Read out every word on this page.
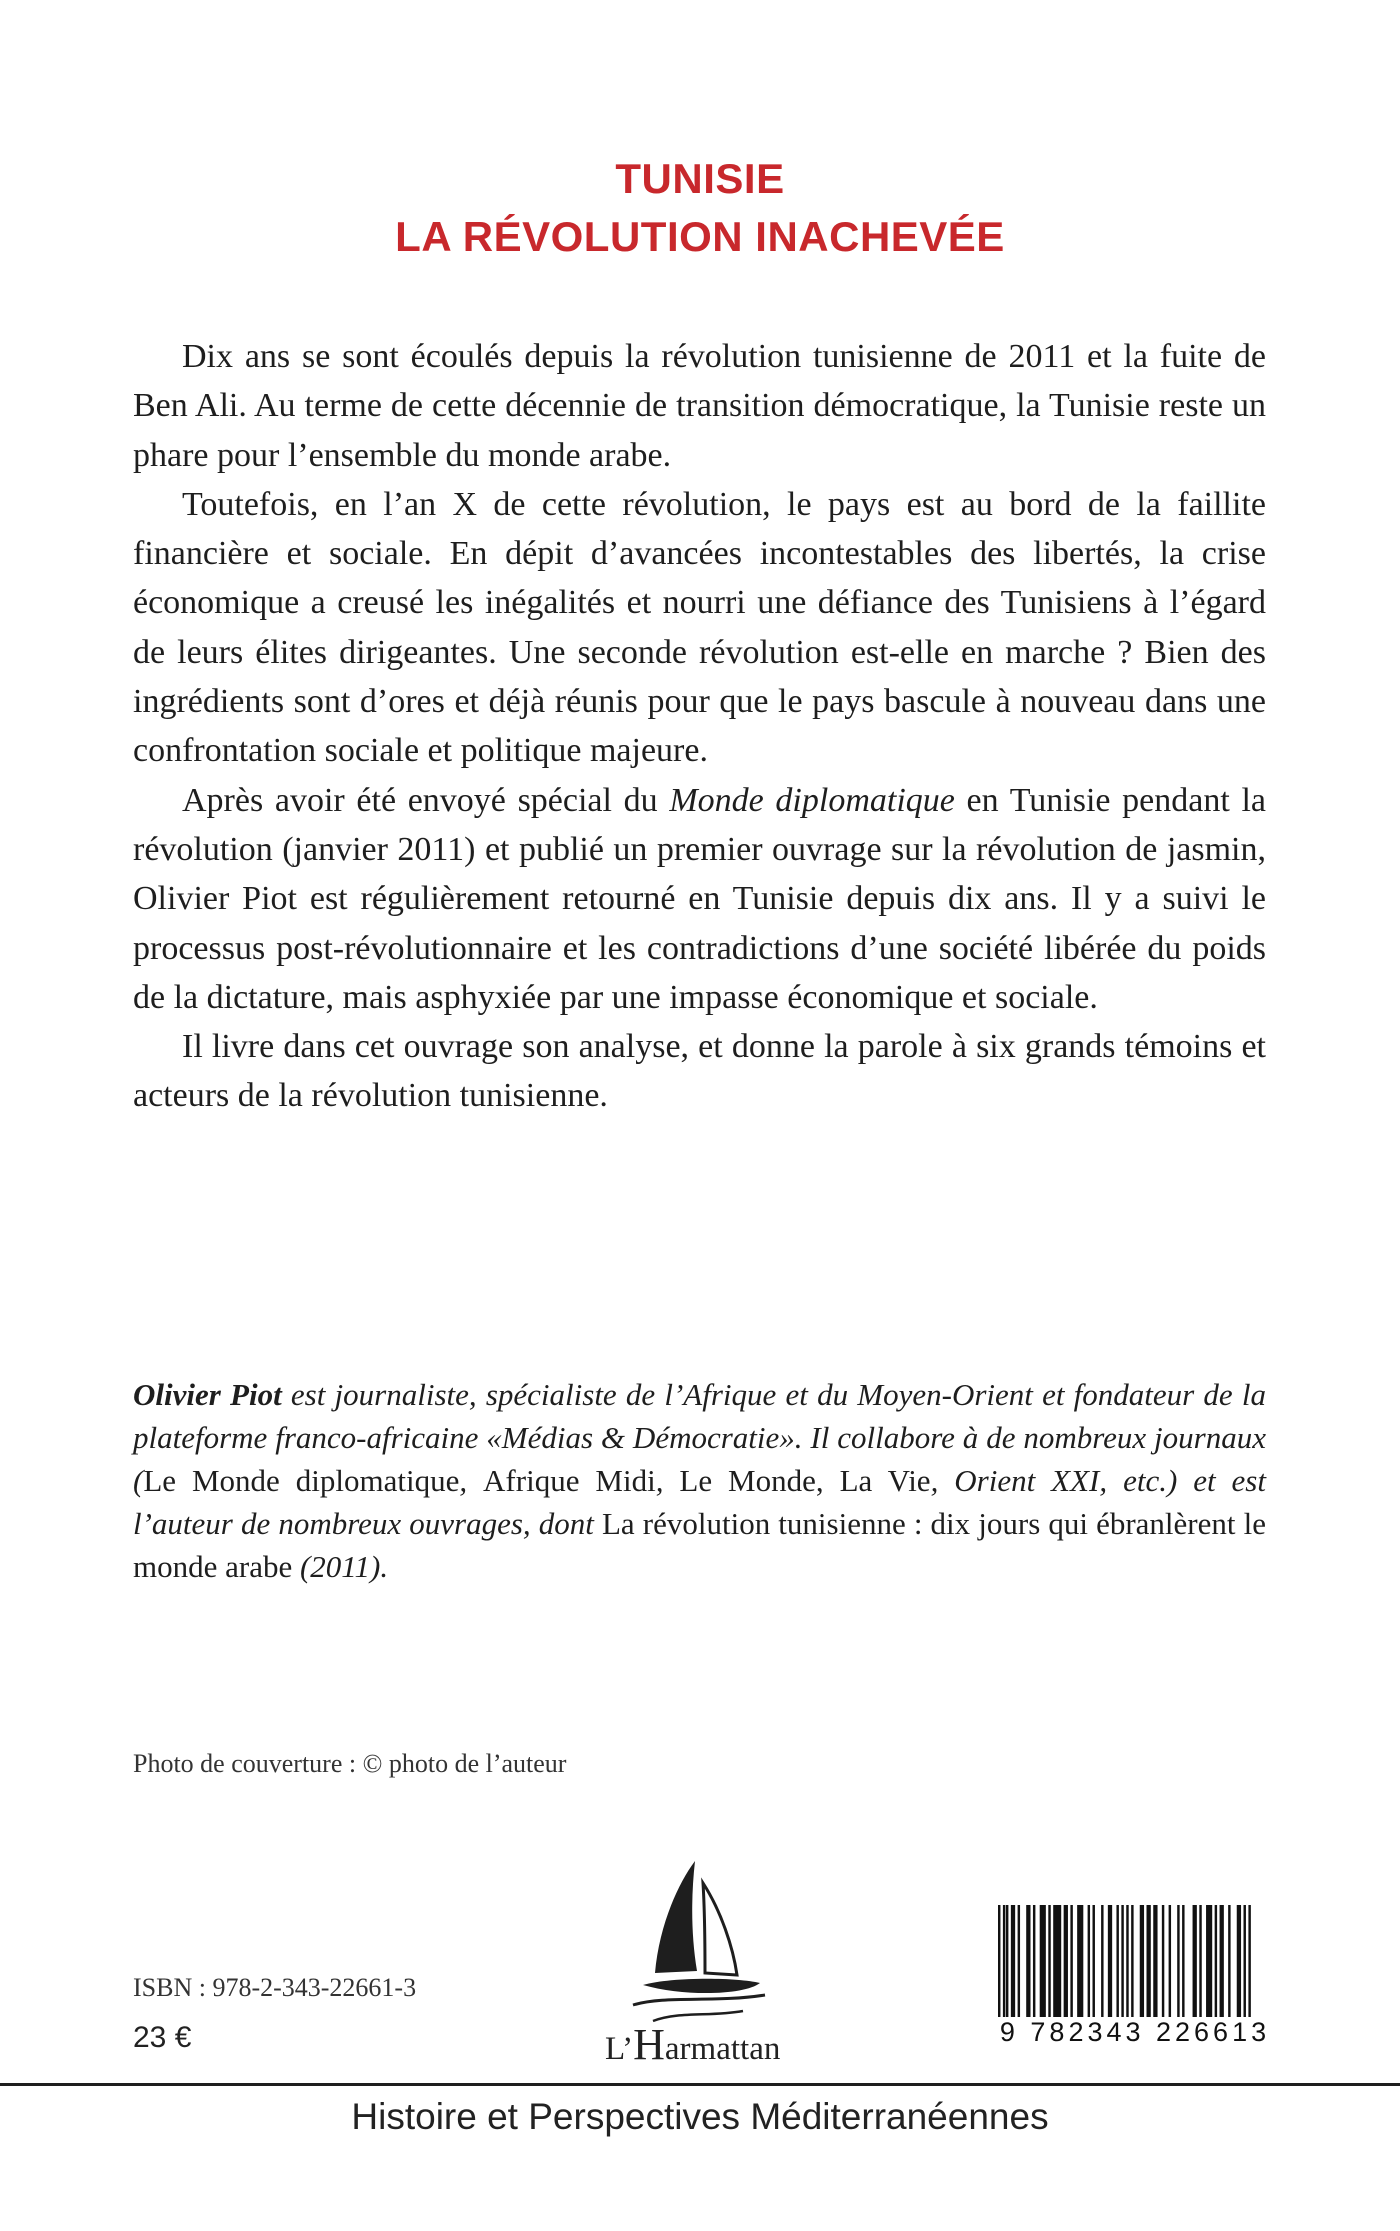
TUNISIE
LA RÉVOLUTION INACHEVÉE

Dix ans se sont écoulés depuis la révolution tunisienne de 2011 et la fuite de Ben Ali. Au terme de cette décennie de transition démocratique, la Tunisie reste un phare pour l’ensemble du monde arabe.

Toutefois, en l’an X de cette révolution, le pays est au bord de la faillite financière et sociale. En dépit d’avancées incontestables des libertés, la crise économique a creusé les inégalités et nourri une défiance des Tunisiens à l’égard de leurs élites dirigeantes. Une seconde révolution est-elle en marche ? Bien des ingrédients sont d’ores et déjà réunis pour que le pays bascule à nouveau dans une confrontation sociale et politique majeure.

Après avoir été envoyé spécial du Monde diplomatique en Tunisie pendant la révolution (janvier 2011) et publié un premier ouvrage sur la révolution de jasmin, Olivier Piot est régulièrement retourné en Tunisie depuis dix ans. Il y a suivi le processus post-révolutionnaire et les contradictions d’une société libérée du poids de la dictature, mais asphyxiée par une impasse économique et sociale.

Il livre dans cet ouvrage son analyse, et donne la parole à six grands témoins et acteurs de la révolution tunisienne.

Olivier Piot est journaliste, spécialiste de l’Afrique et du Moyen-Orient et fondateur de la plateforme franco-africaine «Médias & Démocratie». Il collabore à de nombreux journaux (Le Monde diplomatique, Afrique Midi, Le Monde, La Vie, Orient XXI, etc.) et est l’auteur de nombreux ouvrages, dont La révolution tunisienne : dix jours qui ébranlèrent le monde arabe (2011).
Photo de couverture : © photo de l’auteur
ISBN : 978-2-343-22661-3
23 €	L’Harmattan	9 782343 226613
Histoire et Perspectives Méditerranéennes
